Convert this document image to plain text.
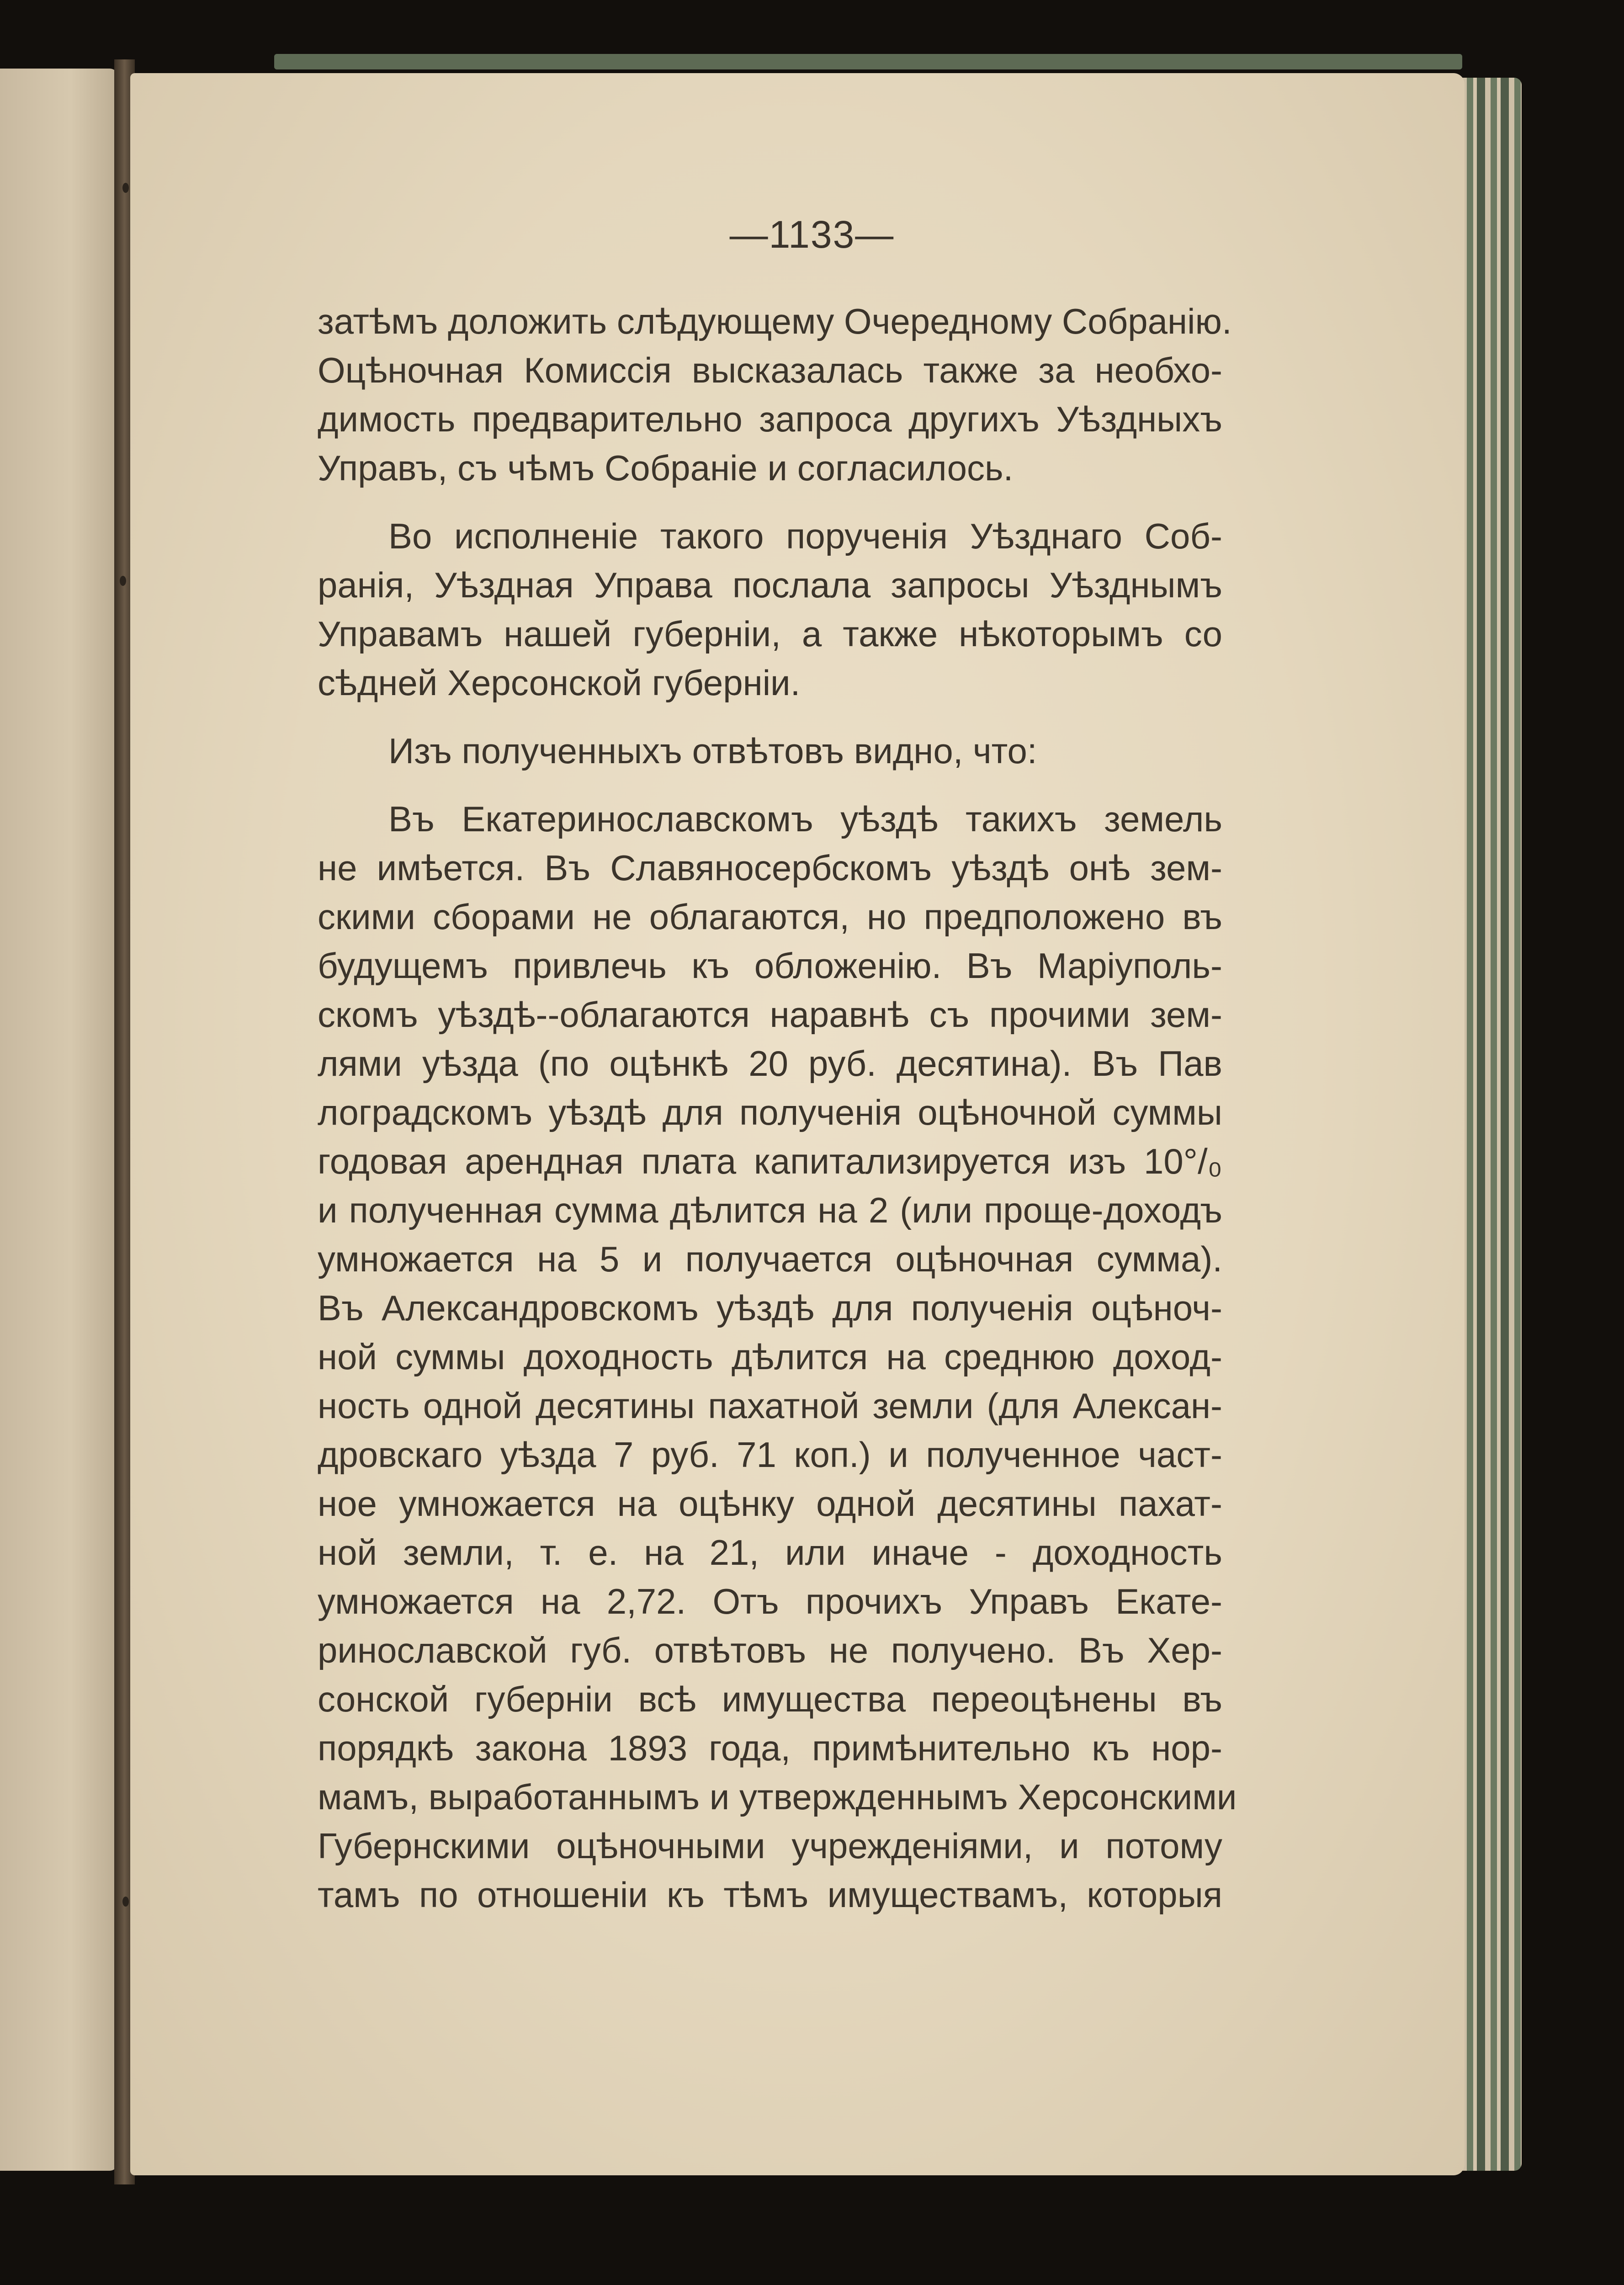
—1133—
затѣмъ доложить слѣдующему Очередному Собранію.
Оцѣночная Комиссія высказалась также за необхо-
димость предварительно запроса другихъ Уѣздныхъ
Управъ, съ чѣмъ Собраніе и согласилось.
Во исполненіе такого порученія Уѣзднаго Соб-
ранія, Уѣздная Управа послала запросы Уѣзднымъ
Управамъ нашей губерніи, а также нѣкоторымъ со
сѣдней Херсонской губерніи.
Изъ полученныхъ отвѣтовъ видно, что:
Въ Екатеринославскомъ уѣздѣ такихъ земель
не имѣется. Въ Славяносербскомъ уѣздѣ онѣ зем-
скими сборами не облагаются, но предположено въ
будущемъ привлечь къ обложенію. Въ Маріуполь-
скомъ уѣздѣ--облагаются наравнѣ съ прочими зем-
лями уѣзда (по оцѣнкѣ 20 руб. десятина). Въ Пав
лоградскомъ уѣздѣ для полученія оцѣночной суммы
годовая арендная плата капитализируется изъ 10°/₀
и полученная сумма дѣлится на 2 (или проще-доходъ
умножается на 5 и получается оцѣночная сумма).
Въ Александровскомъ уѣздѣ для полученія оцѣноч-
ной суммы доходность дѣлится на среднюю доход-
ность одной десятины пахатной земли (для Алексан-
дровскаго уѣзда 7 руб. 71 коп.) и полученное част-
ное умножается на оцѣнку одной десятины пахат-
ной земли, т. е. на 21, или иначе - доходность
умножается на 2,72. Отъ прочихъ Управъ Екате-
ринославской губ. отвѣтовъ не получено. Въ Хер-
сонской губерніи всѣ имущества переоцѣнены въ
порядкѣ закона 1893 года, примѣнительно къ нор-
мамъ, выработаннымъ и утвержденнымъ Херсонскими
Губернскими оцѣночными учрежденіями, и потому
тамъ по отношеніи къ тѣмъ имуществамъ, которыя
